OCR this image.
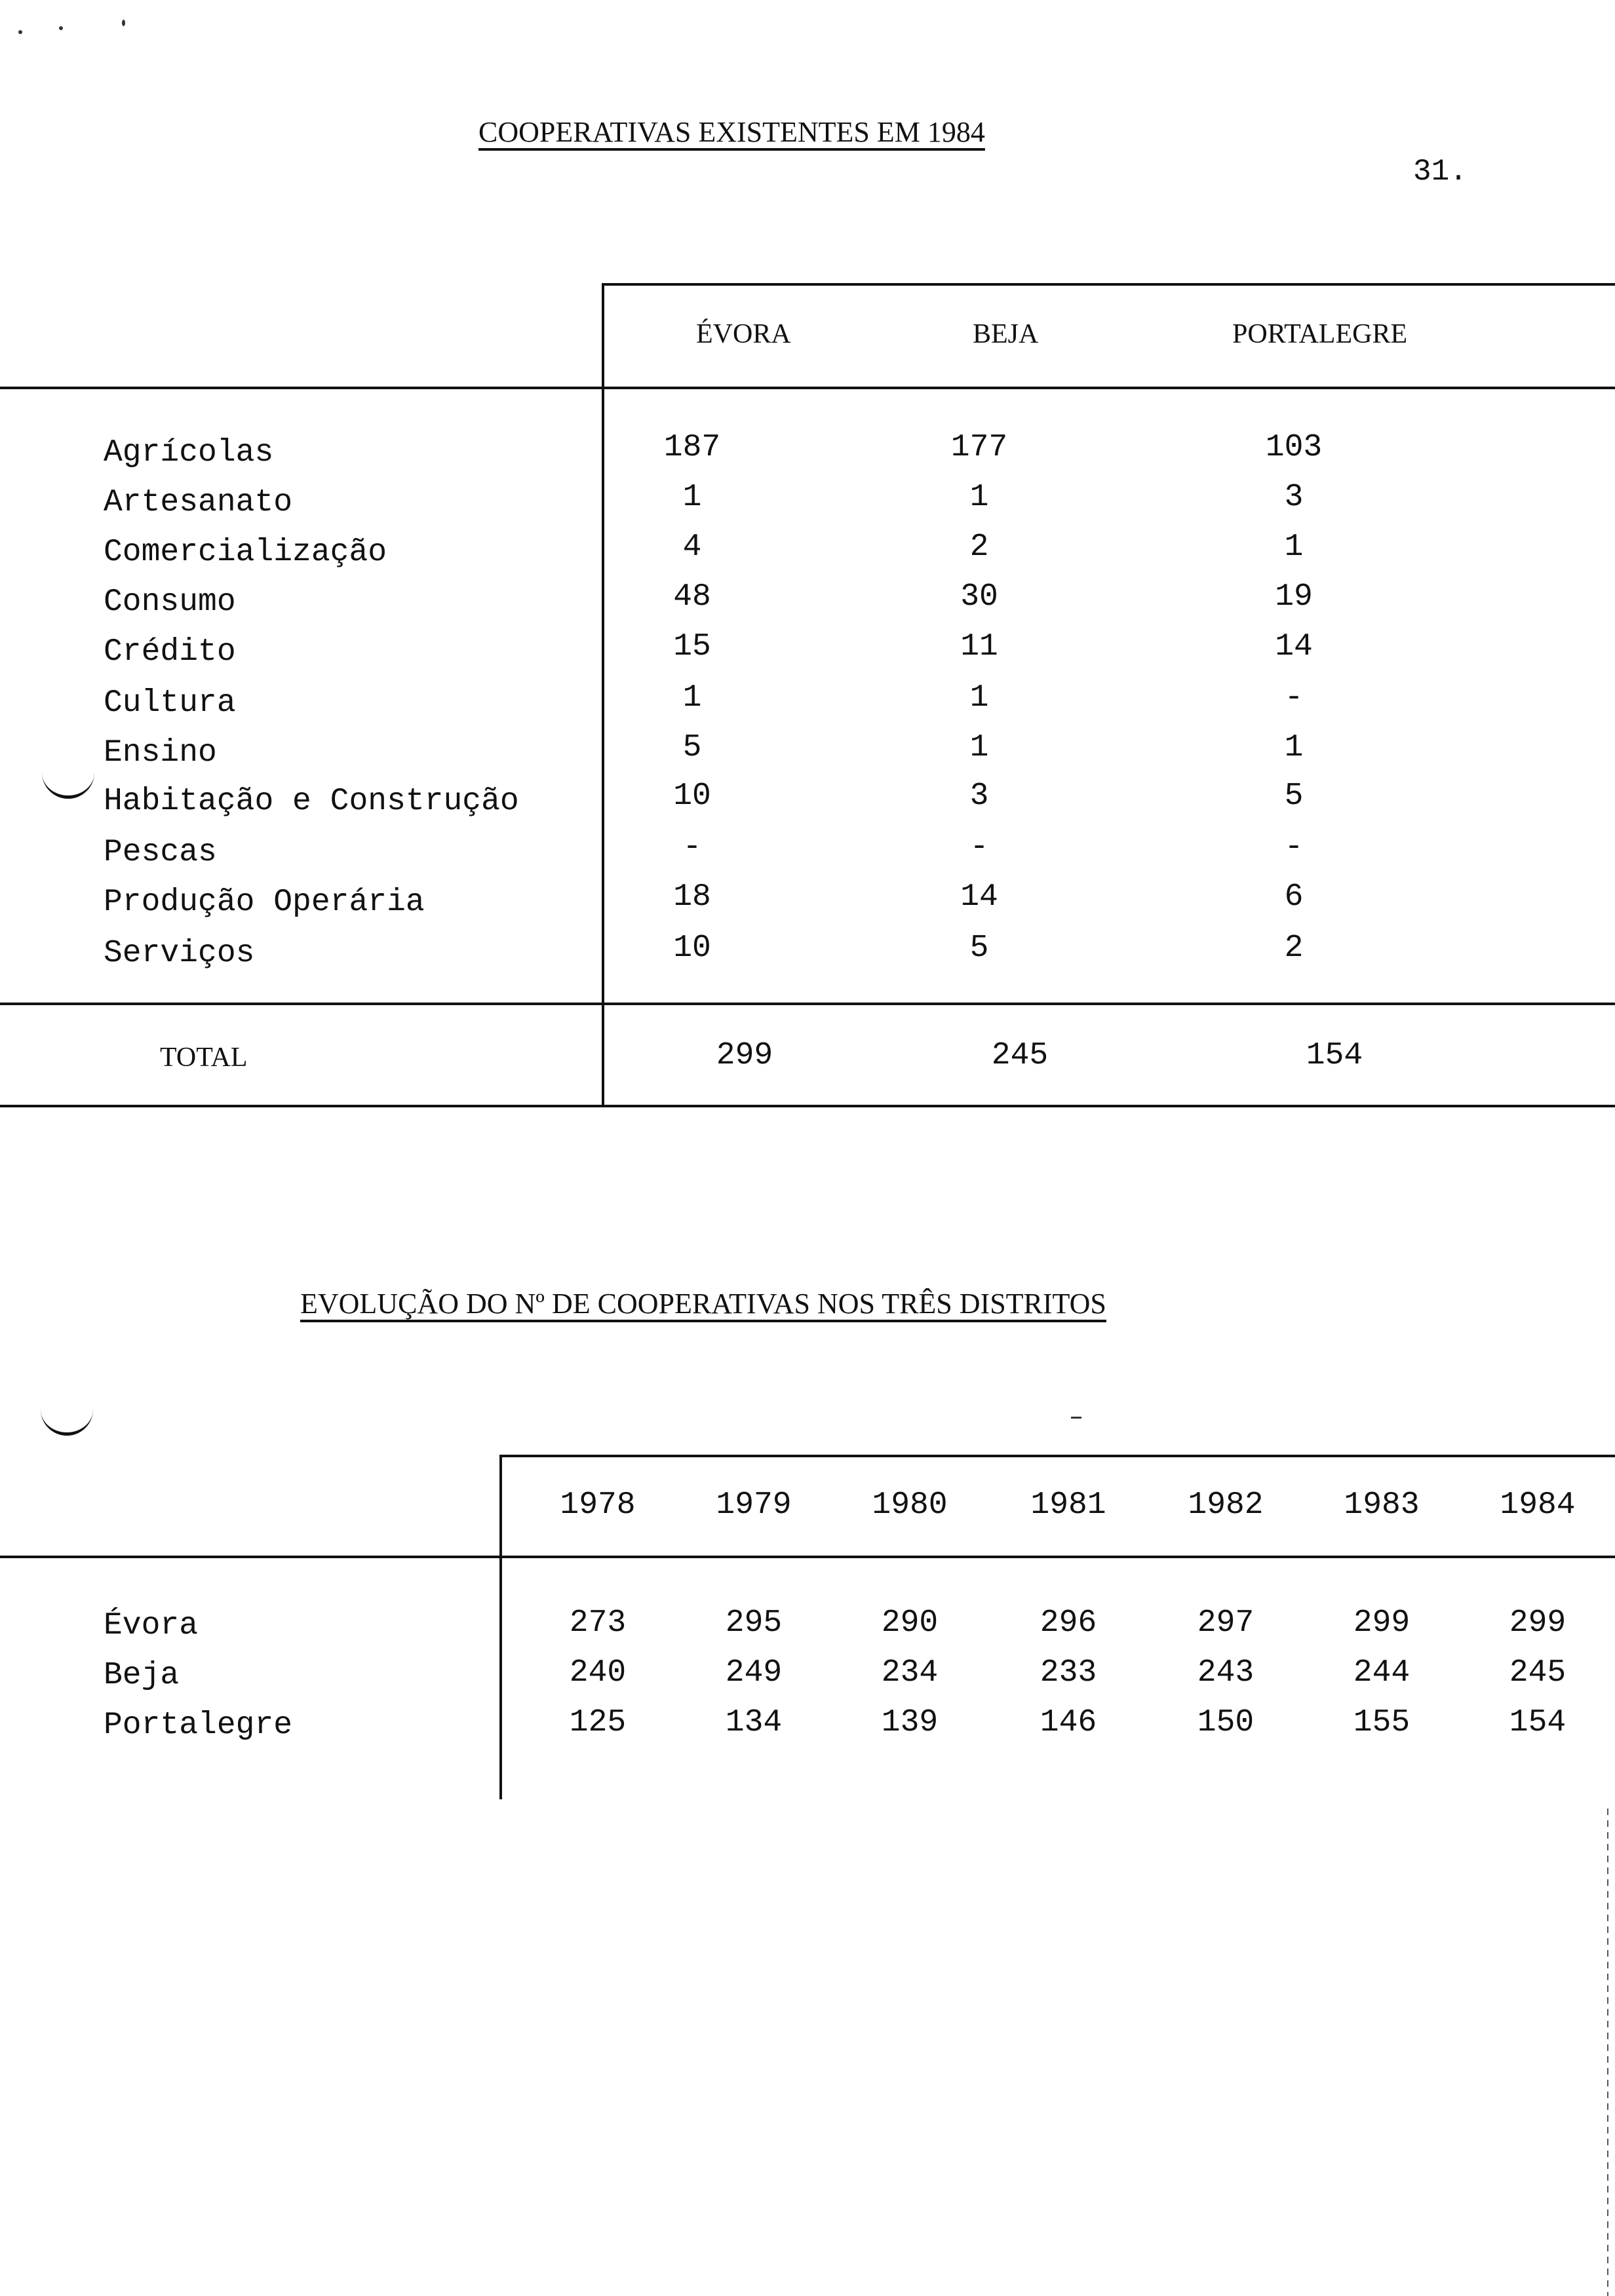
31.
COOPERATIVAS EXISTENTES EM 1984
ÉVORA	BEJA	PORTALEGRE
Agrícolas	187	177	103
Artesanato	1	1	3
Comercialização	4	2	1
Consumo	48	30	19
Crédito	15	11	14
Cultura	1	1	-
Ensino	5	1	1
Habitação e Construção	10	3	5
Pescas	-	-	-
Produção Operária	18	14	6
Serviços	10	5	2
TOTAL	299	245	154
EVOLUÇÃO DO Nº DE COOPERATIVAS NOS TRÊS DISTRITOS
1978	1979	1980	1981	1982	1983	1984
Évora	273	295	290	296	297	299	299
Beja	240	249	234	233	243	244	245
Portalegre	125	134	139	146	150	155	154
